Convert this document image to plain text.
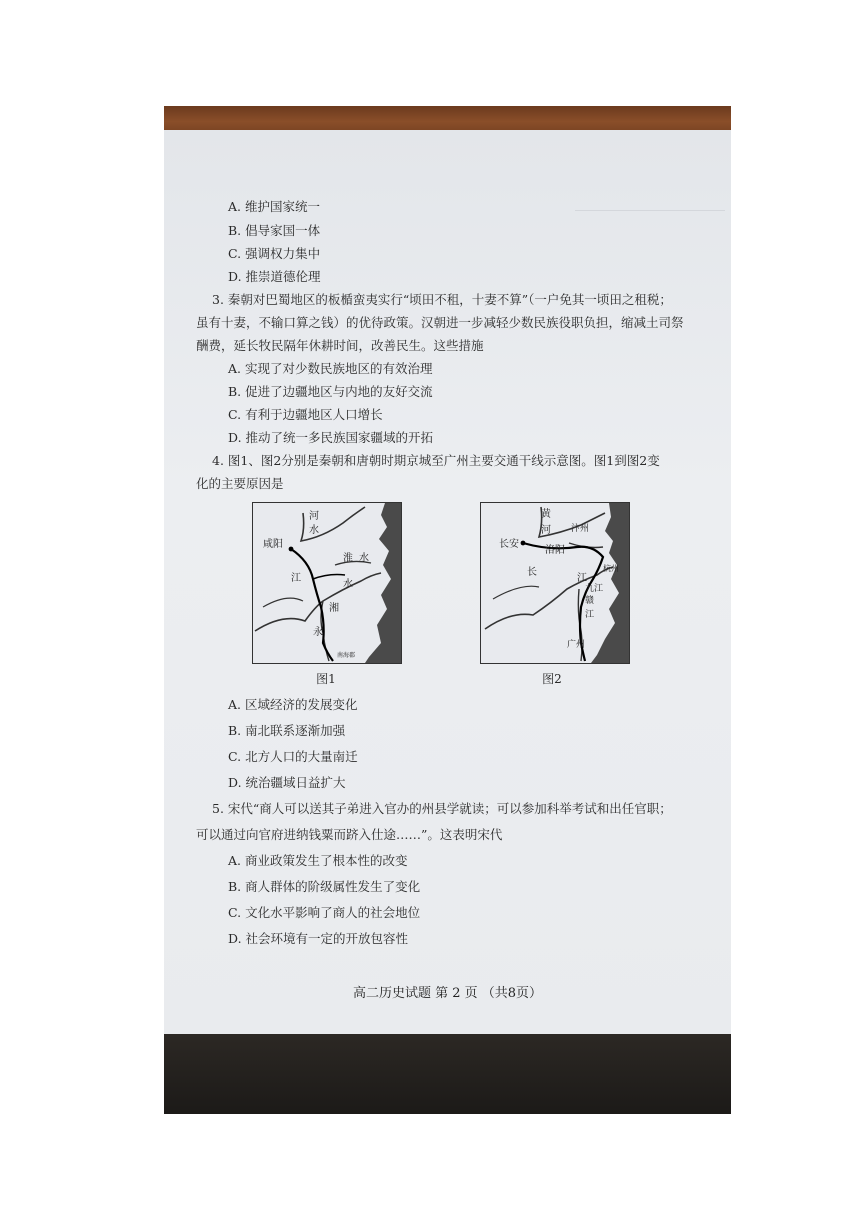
A. 维护国家统一
B. 倡导家国一体
C. 强调权力集中
D. 推崇道德伦理
3. 秦朝对巴蜀地区的板楯蛮夷实行“顷田不租，十妻不算”（一户免其一顷田之租税；
虽有十妻，不输口算之钱）的优待政策。汉朝进一步减轻少数民族役职负担，缩减土司祭
酬费，延长牧民隔年休耕时间，改善民生。这些措施
A. 实现了对少数民族地区的有效治理
B. 促进了边疆地区与内地的友好交流
C. 有利于边疆地区人口增长
D. 推动了统一多民族国家疆域的开拓
4. 图1、图2分别是秦朝和唐朝时期京城至广州主要交通干线示意图。图1到图2变
化的主要原因是
河
水
咸阳
淮 水
江
水
湘
永
南海郡
图1
黄
河 汴州
长安
洛阳
长
江
杭州
九江
赣
江
广州
图2
A. 区域经济的发展变化
B. 南北联系逐渐加强
C. 北方人口的大量南迁
D. 统治疆域日益扩大
5. 宋代“商人可以送其子弟进入官办的州县学就读；可以参加科举考试和出任官职；
可以通过向官府进纳钱粟而跻入仕途……”。这表明宋代
A. 商业政策发生了根本性的改变
B. 商人群体的阶级属性发生了变化
C. 文化水平影响了商人的社会地位
D. 社会环境有一定的开放包容性
高二历史试题 第 2 页 （共8页）
